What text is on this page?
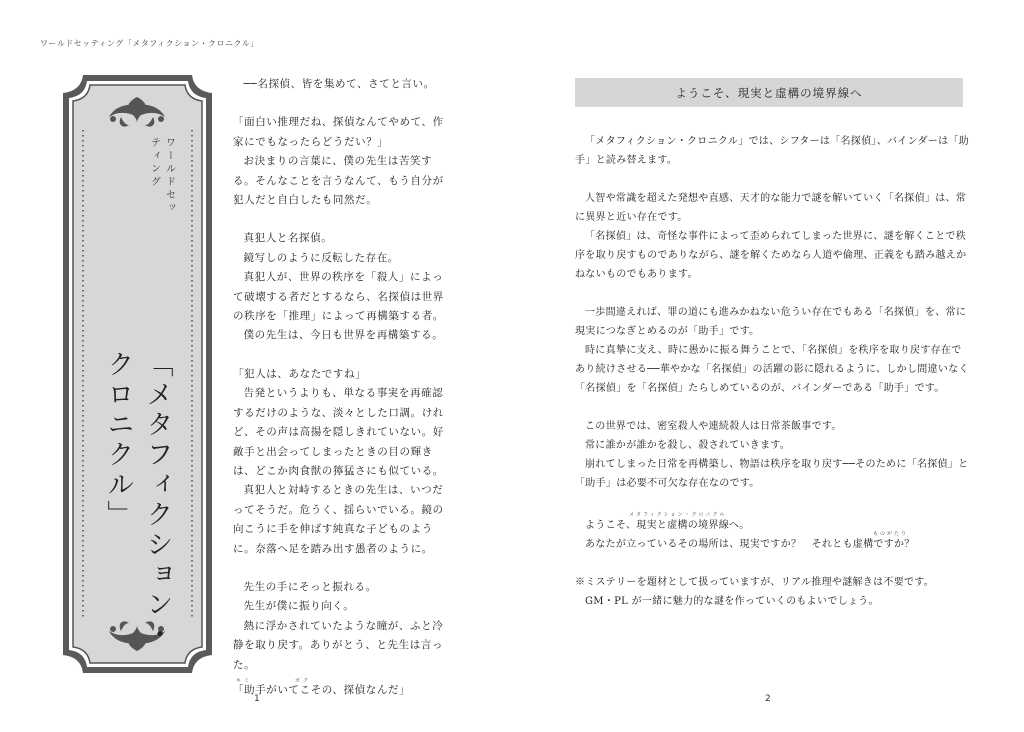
ワールドセッティング「メタフィクション・クロニクル」
ワールドセッティング
「メタフィクション・クロニクル」

──名探偵、皆を集めて、さてと言い。

「面白い推理だね、探偵なんてやめて、作家にでもなったらどうだい？」

お決まりの言葉に、僕の先生は苦笑する。そんなことを言うなんて、もう自分が犯人だと自白したも同然だ。

真犯人と名探偵。

鏡写しのように反転した存在。

真犯人が、世界の秩序を「殺人」によって破壊する者だとするなら、名探偵は世界の秩序を「推理」によって再構築する者。

僕の先生は、今日も世界を再構築する。

「犯人は、あなたですね」

告発というよりも、単なる事実を再確認するだけのような、淡々とした口調。けれど、その声は高揚を隠しきれていない。好敵手と出会ってしまったときの目の輝きは、どこか肉食獣の獰猛さにも似ている。

真犯人と対峙するときの先生は、いつだってそうだ。危うく、揺らいでいる。鏡の向こうに手を伸ばす純真な子どものように。奈落へ足を踏み出す愚者のように。

先生の手にそっと振れる。

先生が僕に振り向く。

熱に浮かされていたような瞳が、ふと冷静を取り戻す。ありがとう、と先生は言った。

キミ	ボク
「助手がいてこその、探偵なんだ」

1
ようこそ、現実と虚構の境界線へ

「メタフィクション・クロニクル」では、シフターは「名探偵」、バインダーは「助手」と読み替えます。

人智や常識を超えた発想や直感、天才的な能力で謎を解いていく「名探偵」は、常に異界と近い存在です。

「名探偵」は、奇怪な事件によって歪められてしまった世界に、謎を解くことで秩序を取り戻すものでありながら、謎を解くためなら人道や倫理、正義をも踏み越えかねないものでもあります。

一歩間違えれば、罪の道にも進みかねない危うい存在でもある「名探偵」を、常に現実につなぎとめるのが「助手」です。

時に真摯に支え、時に愚かに振る舞うことで、「名探偵」を秩序を取り戻す存在であり続けさせる──華やかな「名探偵」の活躍の影に隠れるように、しかし間違いなく「名探偵」を「名探偵」たらしめているのが、バインダーである「助手」です。

この世界では、密室殺人や連続殺人は日常茶飯事です。

常に誰かが誰かを殺し、殺されていきます。

崩れてしまった日常を再構築し、物語は秩序を取り戻す──そのために「名探偵」と「助手」は必要不可欠な存在なのです。

メタフィクション・クロニクル
ようこそ、現実と虚構の境界線へ。

ものがたり
あなたが立っているその場所は、現実ですか？　それとも虚構ですか？

※ミステリーを題材として扱っていますが、リアル推理や謎解きは不要です。

GM・PL が一緒に魅力的な謎を作っていくのもよいでしょう。

2
